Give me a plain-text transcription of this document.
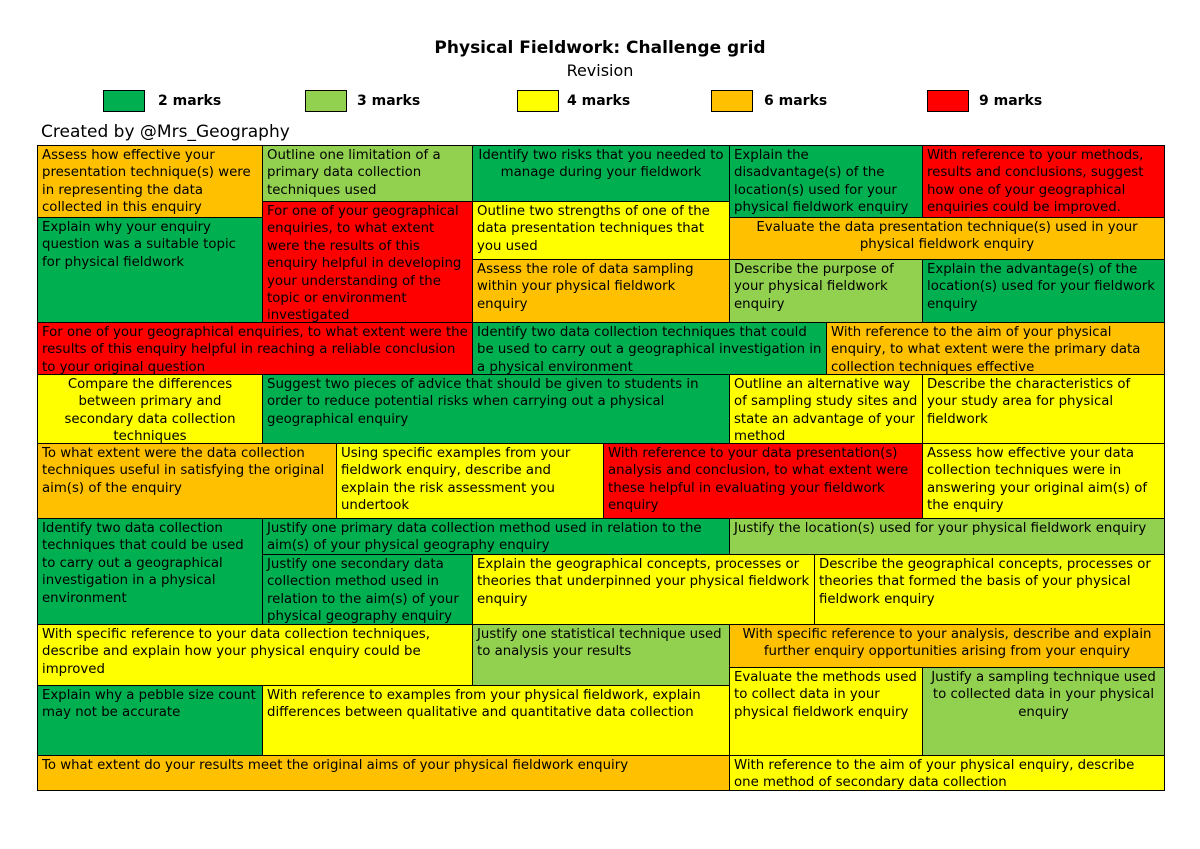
Physical Fieldwork: Challenge grid
Revision
2 marks	3 marks	4 marks	6 marks	9 marks
Created by @Mrs_Geography
Assess how effective your presentation technique(s) were in representing the data collected in this enquiry
Outline one limitation of a primary data collection techniques used
Identify two risks that you needed to manage during your fieldwork
Explain the disadvantage(s) of the location(s) used for your physical fieldwork enquiry
With reference to your methods, results and conclusions, suggest how one of your geographical enquiries could be improved.
Explain why your enquiry question was a suitable topic for physical fieldwork
For one of your geographical enquiries, to what extent were the results of this enquiry helpful in developing your understanding of the topic or environment investigated
Outline two strengths of one of the data presentation techniques that you used
Evaluate the data presentation technique(s) used in your physical fieldwork enquiry
Assess the role of data sampling within your physical fieldwork enquiry
Describe the purpose of your physical fieldwork enquiry
Explain the advantage(s) of the location(s) used for your fieldwork enquiry
For one of your geographical enquiries, to what extent were the results of this enquiry helpful in reaching a reliable conclusion to your original question
Identify two data collection techniques that could be used to carry out a geographical investigation in a physical environment
With reference to the aim of your physical enquiry, to what extent were the primary data collection techniques effective
Compare the differences between primary and secondary data collection techniques
Suggest two pieces of advice that should be given to students in order to reduce potential risks when carrying out a physical geographical enquiry
Outline an alternative way of sampling study sites and state an advantage of your method
Describe the characteristics of your study area for physical fieldwork
To what extent were the data collection techniques useful in satisfying the original aim(s) of the enquiry
Using specific examples from your fieldwork enquiry, describe and explain the risk assessment you undertook
With reference to your data presentation(s) analysis and conclusion, to what extent were these helpful in evaluating your fieldwork enquiry
Assess how effective your data collection techniques were in answering your original aim(s) of the enquiry
Identify two data collection techniques that could be used to carry out a geographical investigation in a physical environment
Justify one primary data collection method used in relation to the aim(s) of your physical geography enquiry
Justify the location(s) used for your physical fieldwork enquiry
Justify one secondary data collection method used in relation to the aim(s) of your physical geography enquiry
Explain the geographical concepts, processes or theories that underpinned your physical fieldwork enquiry
Describe the geographical concepts, processes or theories that formed the basis of your physical fieldwork enquiry
With specific reference to your data collection techniques, describe and explain how your physical enquiry could be improved
Justify one statistical technique used to analysis your results
With specific reference to your analysis, describe and explain further enquiry opportunities arising from your enquiry
Evaluate the methods used to collect data in your physical fieldwork enquiry
Justify a sampling technique used to collected data in your physical enquiry
Explain why a pebble size count may not be accurate
With reference to examples from your physical fieldwork, explain differences between qualitative and quantitative data collection
To what extent do your results meet the original aims of your physical fieldwork enquiry	With reference to the aim of your physical enquiry, describe one method of secondary data collection
